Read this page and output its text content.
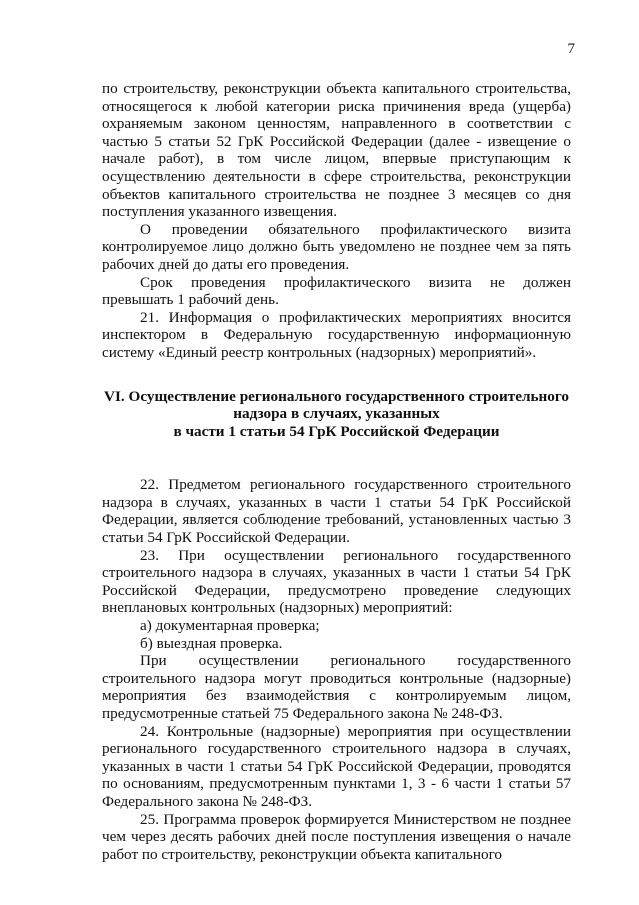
7

по строительству, реконструкции объекта капитального строительства, относящегося к любой категории риска причинения вреда (ущерба) охраняемым законом ценностям, направленного в соответствии с частью 5 статьи 52 ГрК Российской Федерации (далее - извещение о начале работ), в том числе лицом, впервые приступающим к осуществлению деятельности в сфере строительства, реконструкции объектов капитального строительства не позднее 3 месяцев со дня поступления указанного извещения.

О проведении обязательного профилактического визита контролируемое лицо должно быть уведомлено не позднее чем за пять рабочих дней до даты его проведения.

Срок проведения профилактического визита не должен превышать 1 рабочий день.

21. Информация о профилактических мероприятиях вносится инспектором в Федеральную государственную информационную систему «Единый реестр контрольных (надзорных) мероприятий».

VI. Осуществление регионального государственного строительного
надзора в случаях, указанных
в части 1 статьи 54 ГрК Российской Федерации

22. Предметом регионального государственного строительного надзора в случаях, указанных в части 1 статьи 54 ГрК Российской Федерации, является соблюдение требований, установленных частью 3 статьи 54 ГрК Российской Федерации.

23. При осуществлении регионального государственного строительного надзора в случаях, указанных в части 1 статьи 54 ГрК Российской Федерации, предусмотрено проведение следующих внеплановых контрольных (надзорных) мероприятий:

а) документарная проверка;

б) выездная проверка.

При осуществлении регионального государственного строительного надзора могут проводиться контрольные (надзорные) мероприятия без взаимодействия с контролируемым лицом, предусмотренные статьей 75 Федерального закона № 248-ФЗ.

24. Контрольные (надзорные) мероприятия при осуществлении регионального государственного строительного надзора в случаях, указанных в части 1 статьи 54 ГрК Российской Федерации, проводятся по основаниям, предусмотренным пунктами 1, 3 - 6 части 1 статьи 57 Федерального закона № 248-ФЗ.

25. Программа проверок формируется Министерством не позднее чем через десять рабочих дней после поступления извещения о начале работ по строительству, реконструкции объекта капитального
